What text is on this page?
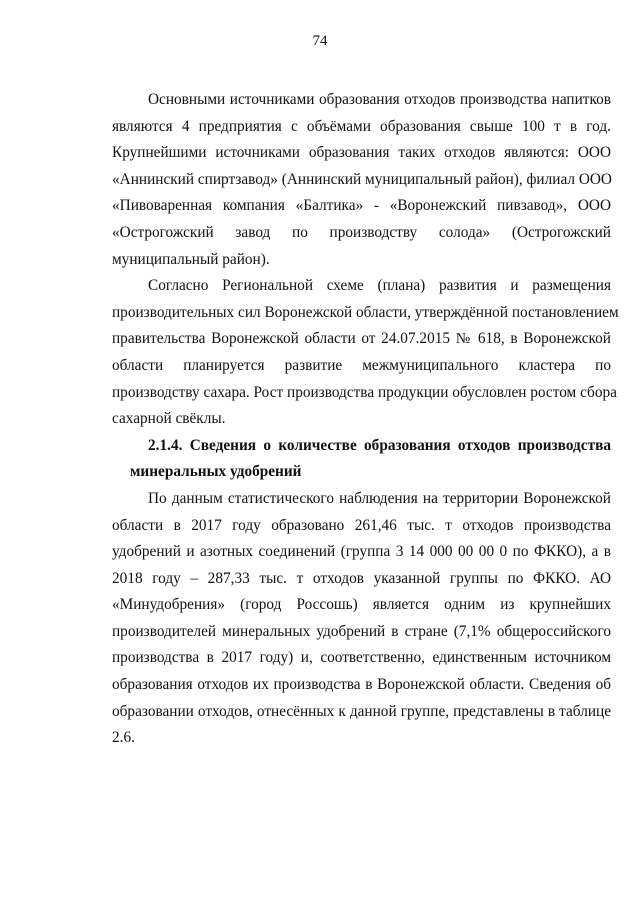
74
Основными источниками образования отходов производства напитков
являются 4 предприятия с объёмами образования свыше 100 т в год.
Крупнейшими источниками образования таких отходов являются: ООО
«Аннинский спиртзавод» (Аннинский муниципальный район), филиал ООО
«Пивоваренная компания «Балтика» - «Воронежский пивзавод», ООО
«Острогожский завод по производству солода» (Острогожский
муниципальный район).
Согласно Региональной схеме (плана) развития и размещения
производительных сил Воронежской области, утверждённой постановлением
правительства Воронежской области от 24.07.2015 № 618, в Воронежской
области планируется развитие межмуниципального кластера по
производству сахара. Рост производства продукции обусловлен ростом сбора
сахарной свёклы.
2.1.4. Сведения о количестве образования отходов производства
минеральных удобрений
По данным статистического наблюдения на территории Воронежской
области в 2017 году образовано 261,46 тыс. т отходов производства
удобрений и азотных соединений (группа 3 14 000 00 00 0 по ФККО), а в
2018 году – 287,33 тыс. т отходов указанной группы по ФККО. АО
«Минудобрения» (город Россошь) является одним из крупнейших
производителей минеральных удобрений в стране (7,1% общероссийского
производства в 2017 году) и, соответственно, единственным источником
образования отходов их производства в Воронежской области. Сведения об
образовании отходов, отнесённых к данной группе, представлены в таблице
2.6.
